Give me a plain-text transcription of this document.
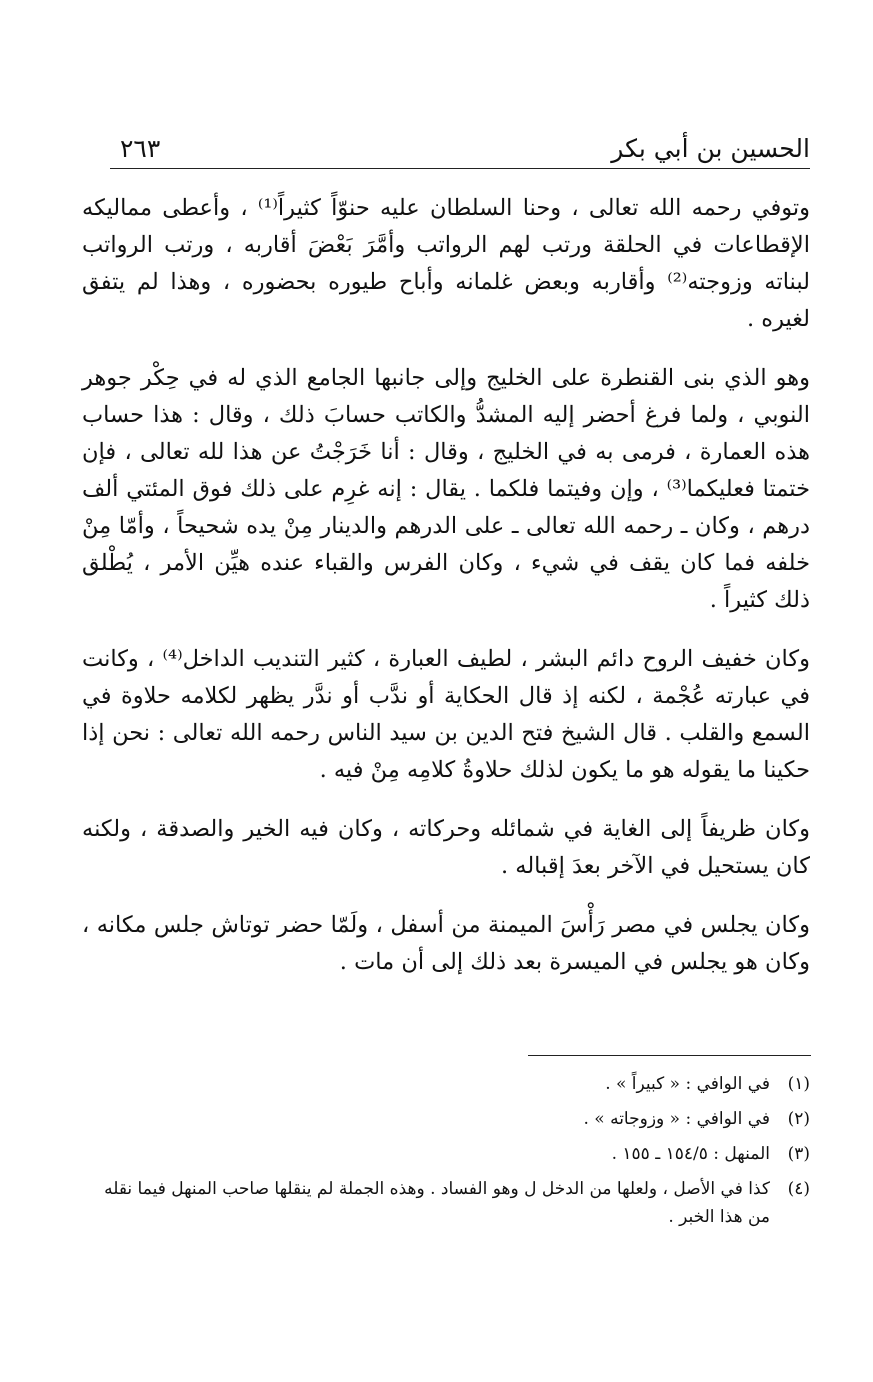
الحسين بن أبي بكر
٢٦٣

وتوفي رحمه الله تعالى ، وحنا السلطان عليه حنوّاً كثيراً⁽¹⁾ ، وأعطى مماليكه الإقطاعات في الحلقة ورتب لهم الرواتب وأمَّرَ بَعْضَ أقاربه ، ورتب الرواتب لبناته وزوجته⁽²⁾ وأقاربه وبعض غلمانه وأباح طيوره بحضوره ، وهذا لم يتفق لغيره .

وهو الذي بنى القنطرة على الخليج وإلى جانبها الجامع الذي له في حِكْر جوهر النوبي ، ولما فرغ أحضر إليه المشدُّ والكاتب حسابَ ذلك ، وقال : هذا حساب هذه العمارة ، فرمى به في الخليج ، وقال : أنا خَرَجْتُ عن هذا لله تعالى ، فإن ختمتا فعليكما⁽³⁾ ، وإن وفيتما فلكما . يقال : إنه غرِم على ذلك فوق المئتي ألف درهم ، وكان ـ رحمه الله تعالى ـ على الدرهم والدينار مِنْ يده شحيحاً ، وأمّا مِنْ خلفه فما كان يقف في شيء ، وكان الفرس والقباء عنده هيِّن الأمر ، يُطْلق ذلك كثيراً .

وكان خفيف الروح دائم البشر ، لطيف العبارة ، كثير التنديب الداخل⁽⁴⁾ ، وكانت في عبارته عُجْمة ، لكنه إذ قال الحكاية أو ندَّب أو ندَّر يظهر لكلامه حلاوة في السمع والقلب . قال الشيخ فتح الدين بن سيد الناس رحمه الله تعالى : نحن إذا حكينا ما يقوله هو ما يكون لذلك حلاوةُ كلامِه مِنْ فيه .

وكان ظريفاً إلى الغاية في شمائله وحركاته ، وكان فيه الخير والصدقة ، ولكنه كان يستحيل في الآخر بعدَ إقباله .

وكان يجلس في مصر رَأْسَ الميمنة من أسفل ، ولَمّا حضر توتاش جلس مكانه ، وكان هو يجلس في الميسرة بعد ذلك إلى أن مات .

(١)
في الوافي : « كبيراً » .
(٢)
في الوافي : « وزوجاته » .
(٣)
المنهل : ١٥٤/٥ ـ ١٥٥ .
(٤)
كذا في الأصل ، ولعلها من الدخل ل وهو الفساد . وهذه الجملة لم ينقلها صاحب المنهل فيما نقله من هذا الخبر .
